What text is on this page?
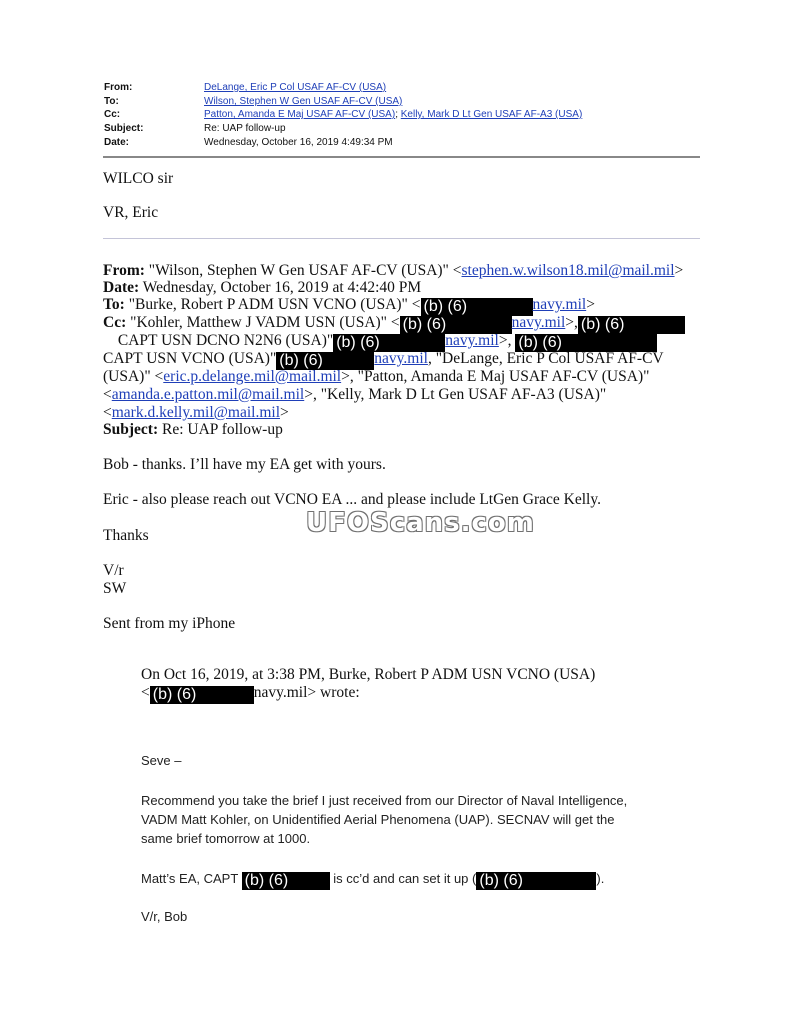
From:	DeLange, Eric P Col USAF AF-CV (USA)
To:	Wilson, Stephen W Gen USAF AF-CV (USA)
Cc:	Patton, Amanda E Maj USAF AF-CV (USA); Kelly, Mark D Lt Gen USAF AF-A3 (USA)
Subject:	Re: UAP follow-up
Date:	Wednesday, October 16, 2019 4:49:34 PM
WILCO sir
VR, Eric
From: "Wilson, Stephen W Gen USAF AF-CV (USA)" <stephen.w.wilson18.mil@mail.mil>
Date: Wednesday, October 16, 2019 at 4:42:40 PM
To: "Burke, Robert P ADM USN VCNO (USA)" < (b) (6)	navy.mil>
Cc: "Kohler, Matthew J VADM USN (USA)" < (b) (6)	navy.mil>, (b) (6)
CAPT USN DCNO N2N6 (USA)" (b) (6)	navy.mil>, (b) (6)
CAPT USN VCNO (USA)" (b) (6)	navy.mil, "DeLange, Eric P Col USAF AF-CV
(USA)" <eric.p.delange.mil@mail.mil>, "Patton, Amanda E Maj USAF AF-CV (USA)"
<amanda.e.patton.mil@mail.mil>, "Kelly, Mark D Lt Gen USAF AF-A3 (USA)"
<mark.d.kelly.mil@mail.mil>
Subject: Re: UAP follow-up
Bob - thanks. I’ll have my EA get with yours.
Eric - also please reach out VCNO EA ... and please include LtGen Grace Kelly.
Thanks
V/r
SW
Sent from my iPhone
UFOScans.com
On Oct 16, 2019, at 3:38 PM, Burke, Robert P ADM USN VCNO (USA)
< (b) (6)	navy.mil> wrote:
Seve –
Recommend you take the brief I just received from our Director of Naval Intelligence,
VADM Matt Kohler, on Unidentified Aerial Phenomena (UAP). SECNAV will get the
same brief tomorrow at 1000.
Matt’s EA, CAPT (b) (6)	is cc’d and can set it up ( (b) (6)	).
V/r, Bob
